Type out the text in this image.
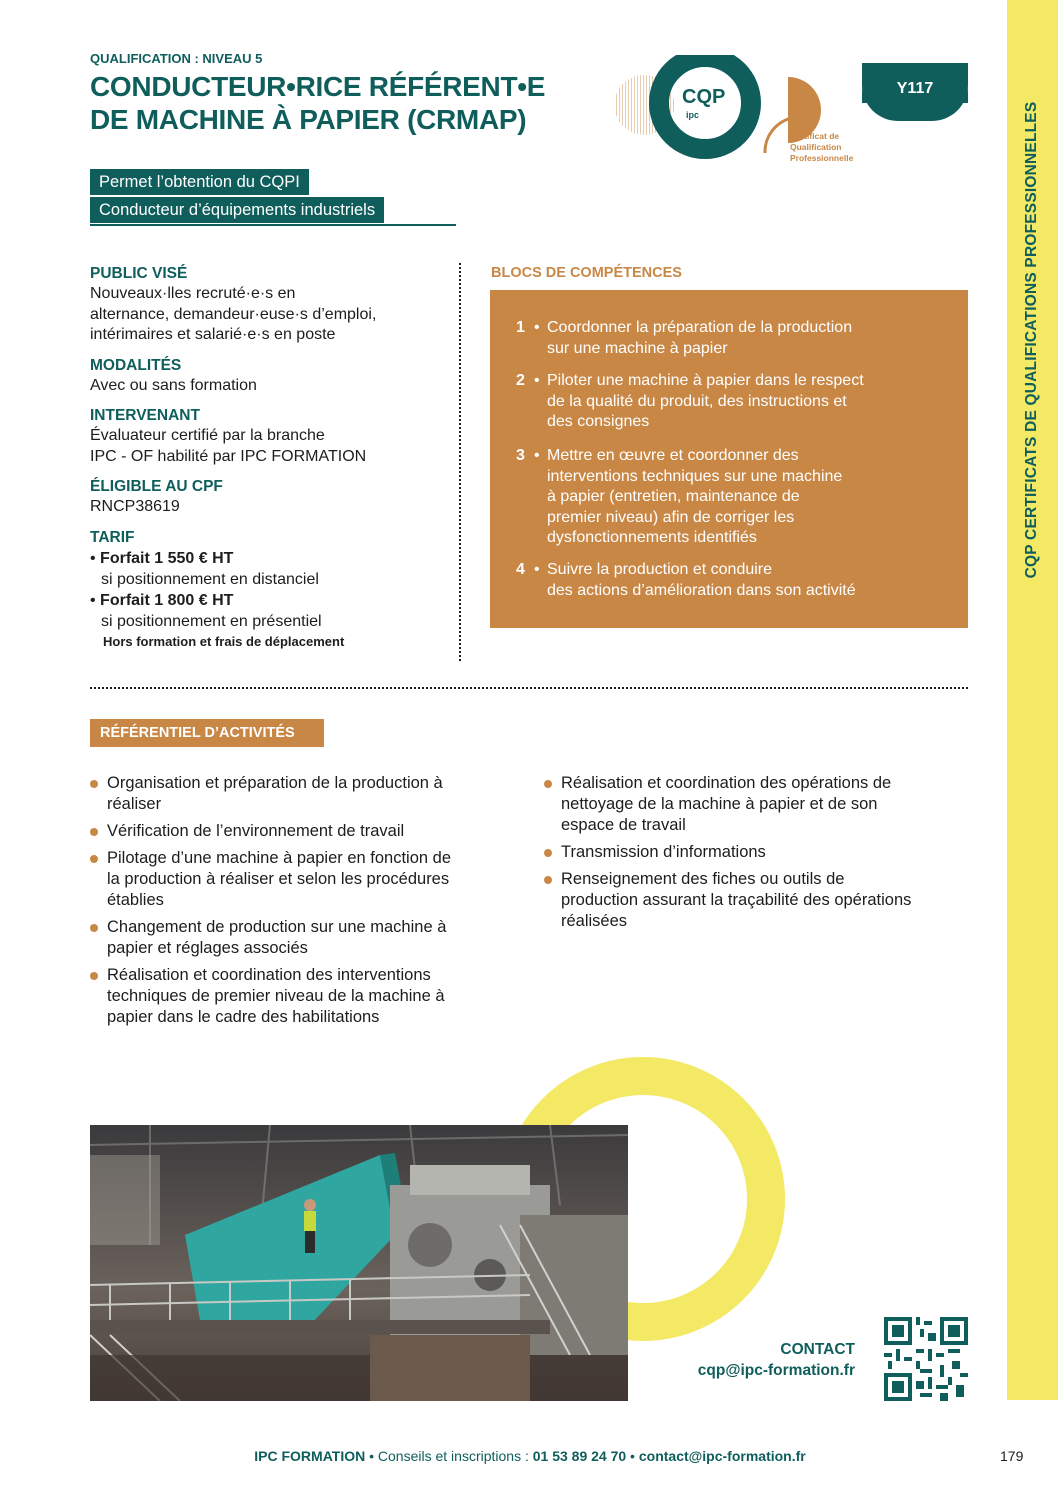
CQP CERTIFICATS DE QUALIFICATIONS PROFESSIONNELLES
QUALIFICATION : NIVEAU 5
CONDUCTEUR•RICE RÉFÉRENT•E
DE MACHINE À PAPIER (CRMAP)
Permet l’obtention du CQPI
Conducteur d’équipements industriels
CQP
ipc
Certificat de
Qualification
Professionnelle
Y117
PUBLIC VISÉ
Nouveaux·lles recruté·e·s en
alternance, demandeur·euse·s d’emploi,
intérimaires et salarié·e·s en poste
MODALITÉS
Avec ou sans formation
INTERVENANT
Évaluateur certifié par la branche
IPC - OF habilité par IPC FORMATION
ÉLIGIBLE AU CPF
RNCP38619
TARIF
• Forfait 1 550 € HT
si positionnement en distanciel
• Forfait 1 800 € HT
si positionnement en présentiel
Hors formation et frais de déplacement
BLOCS DE COMPÉTENCES
1 • Coordonner la préparation de la production
sur une machine à papier
2 • Piloter une machine à papier dans le respect
de la qualité du produit, des instructions et
des consignes
3 • Mettre en œuvre et coordonner des
interventions techniques sur une machine
à papier (entretien, maintenance de
premier niveau) afin de corriger les
dysfonctionnements identifiés
4 • Suivre la production et conduire
des actions d’amélioration dans son activité
RÉFÉRENTIEL D’ACTIVITÉS
Organisation et préparation de la production à
réaliser
Vérification de l’environnement de travail
Pilotage d’une machine à papier en fonction de
la production à réaliser et selon les procédures
établies
Changement de production sur une machine à
papier et réglages associés
Réalisation et coordination des interventions
techniques de premier niveau de la machine à
papier dans le cadre des habilitations
Réalisation et coordination des opérations de
nettoyage de la machine à papier et de son
espace de travail
Transmission d’informations
Renseignement des fiches ou outils de
production assurant la traçabilité des opérations
réalisées
CONTACT
cqp@ipc-formation.fr
IPC FORMATION • Conseils et inscriptions : 01 53 89 24 70 • contact@ipc-formation.fr	179
